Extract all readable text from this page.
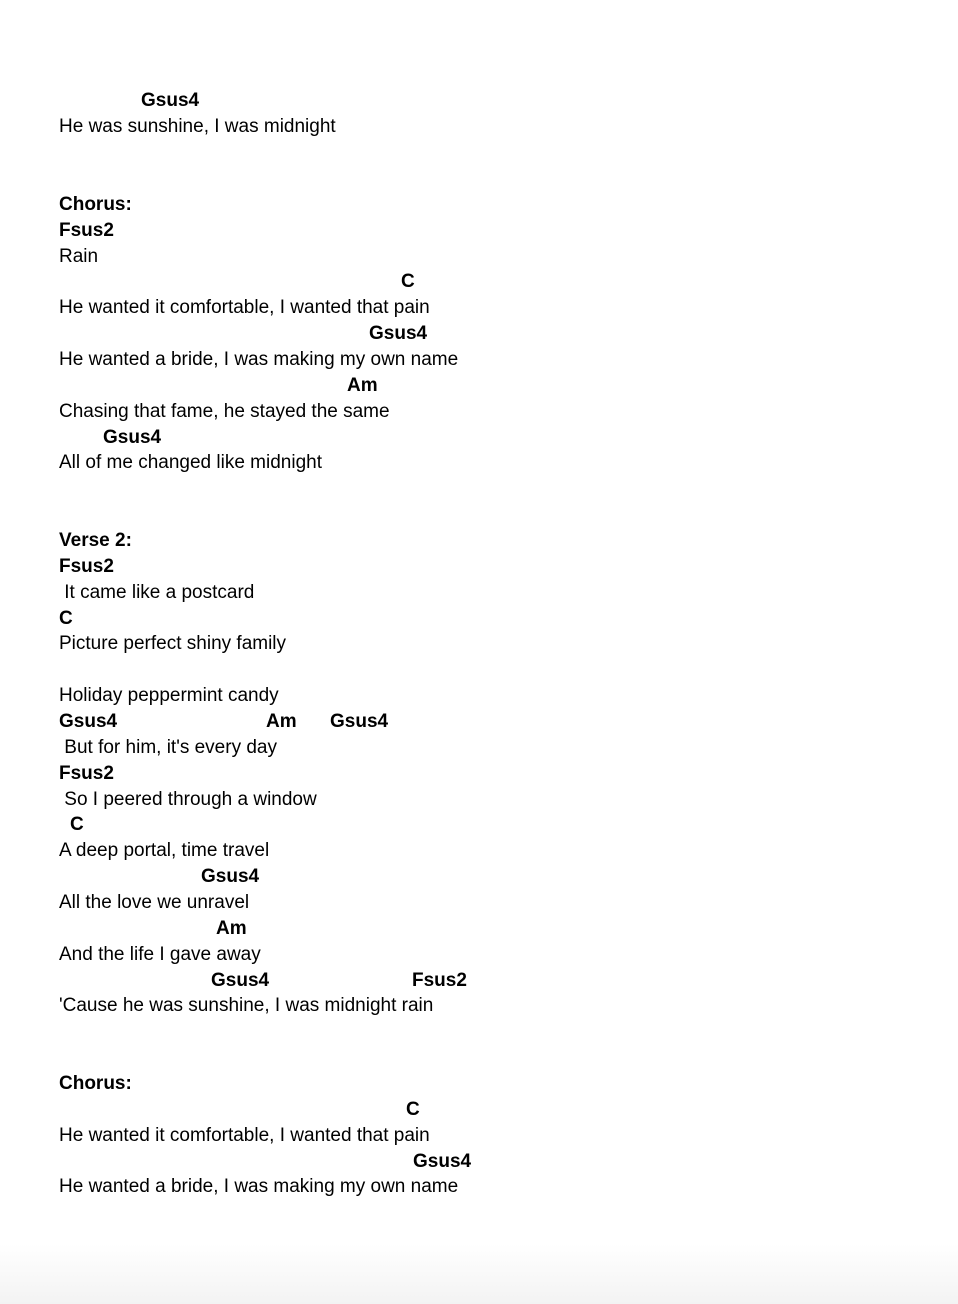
Gsus4
He was sunshine, I was midnight
Chorus:
Fsus2
Rain
C
He wanted it comfortable, I wanted that pain
Gsus4
He wanted a bride, I was making my own name
Am
Chasing that fame, he stayed the same
Gsus4
All of me changed like midnight
Verse 2:
Fsus2
It came like a postcard
C
Picture perfect shiny family
Holiday peppermint candy
Gsus4	Am Gsus4
But for him, it's every day
Fsus2
So I peered through a window
C
A deep portal, time travel
Gsus4
All the love we unravel
Am
And the life I gave away
Gsus4	Fsus2
'Cause he was sunshine, I was midnight rain
Chorus:
C
He wanted it comfortable, I wanted that pain
Gsus4
He wanted a bride, I was making my own name
